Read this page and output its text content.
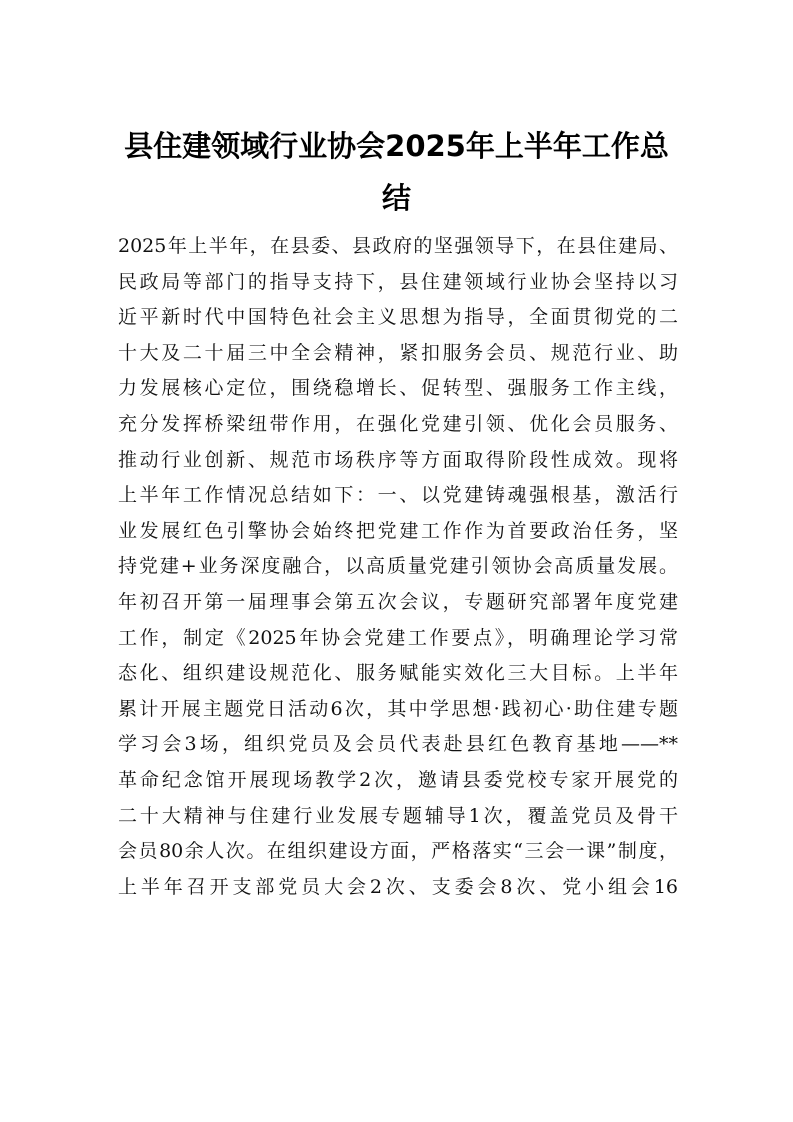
县住建领域行业协会2025年上半年工作总
结
2025年上半年，在县委、县政府的坚强领导下，在县住建局、
民政局等部门的指导支持下，县住建领域行业协会坚持以习
近平新时代中国特色社会主义思想为指导，全面贯彻党的二
十大及二十届三中全会精神，紧扣服务会员、规范行业、助
力发展核心定位，围绕稳增长、促转型、强服务工作主线，
充分发挥桥梁纽带作用，在强化党建引领、优化会员服务、
推动行业创新、规范市场秩序等方面取得阶段性成效。现将
上半年工作情况总结如下：一、以党建铸魂强根基，激活行
业发展红色引擎协会始终把党建工作作为首要政治任务，坚
持党建+业务深度融合，以高质量党建引领协会高质量发展。
年初召开第一届理事会第五次会议，专题研究部署年度党建
工作，制定《2025年协会党建工作要点》，明确理论学习常
态化、组织建设规范化、服务赋能实效化三大目标。上半年
累计开展主题党日活动6次，其中学思想·践初心·助住建专题
学习会3场，组织党员及会员代表赴县红色教育基地——**
革命纪念馆开展现场教学2次，邀请县委党校专家开展党的
二十大精神与住建行业发展专题辅导1次，覆盖党员及骨干
会员80余人次。在组织建设方面，严格落实“三会一课”制度，
上半年召开支部党员大会2次、支委会8次、党小组会16
